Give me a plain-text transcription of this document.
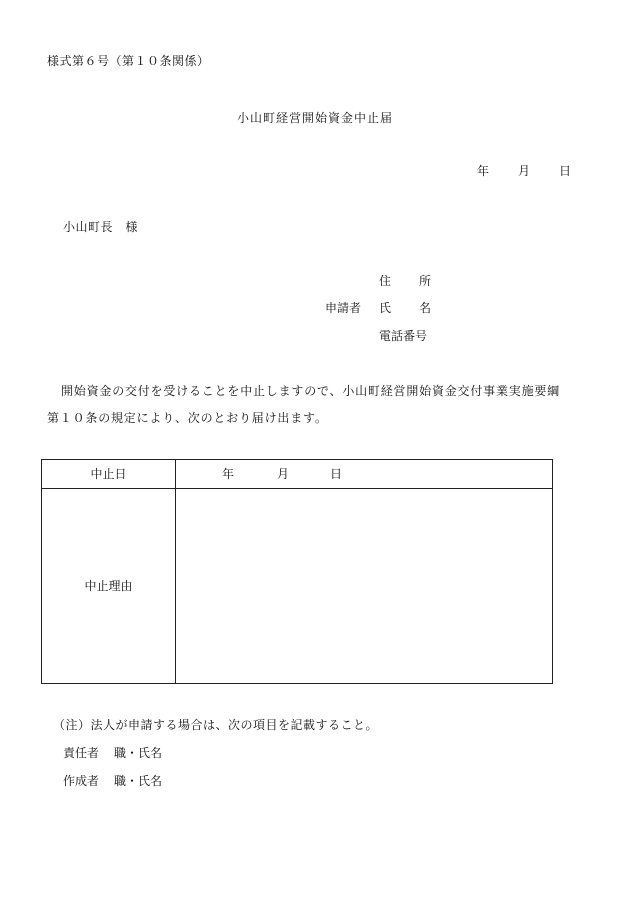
様式第６号（第１０条関係）
小山町経営開始資金中止届
年 月 日
小山町長　様
住 所
申請者 氏 名
電話番号
開始資金の交付を受けることを中止しますので、小山町経営開始資金交付事業実施要綱
第１０条の規定により、次のとおり届け出ます。
中止日	年	月	日
中止理由
（注）法人が申請する場合は、次の項目を記載すること。
責任者 職・氏名
作成者 職・氏名
